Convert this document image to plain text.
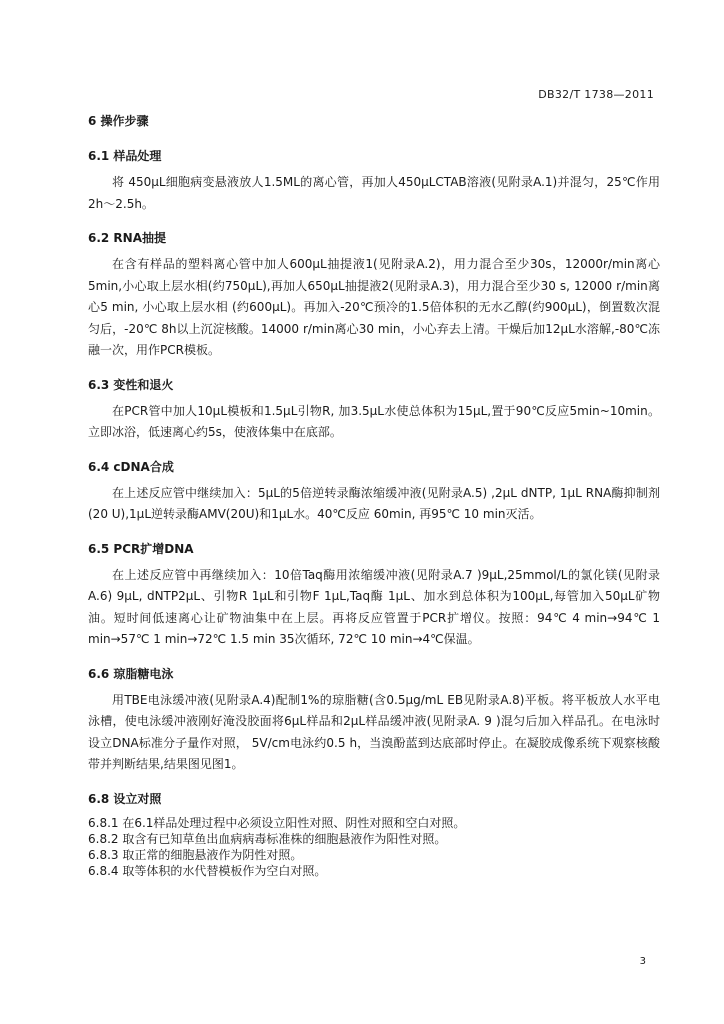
DB32/T 1738—2011
6 操作步骤
6.1 样品处理

将 450μL细胞病变悬液放人1.5ML的离心管，再加人450μLCTAB溶液(见附录A.1)并混匀，25℃作用2h～2.5h。

6.2 RNA抽提

在含有样品的塑料离心管中加人600μL抽提液1(见附录A.2)，用力混合至少30s，12000r/min离心5min,小心取上层水相(约750μL),再加人650μL抽提液2(见附录A.3)，用力混合至少30 s, 12000 r/min离心5 min, 小心取上层水相 (约600μL)。再加入-20℃预冷的1.5倍体积的无水乙醇(约900μL)，倒置数次混匀后，-20℃ 8h以上沉淀核酸。14000 r/min离心30 min，小心弃去上清。干燥后加12μL水溶解,-80℃冻融一次，用作PCR模板。

6.3 变性和退火

在PCR管中加人10μL模板和1.5μL引物R, 加3.5μL水使总体积为15μL,置于90℃反应5min~10min。立即冰浴，低速离心约5s，使液体集中在底部。

6.4 cDNA合成

在上述反应管中继续加入：5μL的5倍逆转录酶浓缩缓冲液(见附录A.5) ,2μL dNTP, 1μL RNA酶抑制剂(20 U),1μL逆转录酶AMV(20U)和1μL水。40℃反应 60min, 再95℃ 10 min灭活。

6.5 PCR扩增DNA

在上述反应管中再继续加入：10倍Taq酶用浓缩缓冲液(见附录A.7 )9μL,25mmol/L的氯化镁(见附录A.6) 9μL, dNTP2μL、引物R 1μL和引物F 1μL,Taq酶 1μL、加水到总体积为100μL,每管加入50μL矿物油。短时间低速离心让矿物油集中在上层。再将反应管置于PCR扩增仪。按照：94℃ 4 min→94℃ 1 min→57℃ 1 min→72℃ 1.5 min 35次循环, 72℃ 10 min→4℃保温。

6.6 琼脂糖电泳

用TBE电泳缓冲液(见附录A.4)配制1%的琼脂糖(含0.5μg/mL EB见附录A.8)平板。将平板放人水平电泳槽，使电泳缓冲液刚好淹没胶面将6μL样品和2μL样品缓冲液(见附录A. 9 )混匀后加入样品孔。在电泳时设立DNA标准分子量作对照， 5V/cm电泳约0.5 h，当溴酚蓝到达底部时停止。在凝胶成像系统下观察核酸带并判断结果,结果图见图1。

6.8 设立对照

6.8.1 在6.1样品处理过程中必须设立阳性对照、阴性对照和空白对照。

6.8.2 取含有已知草鱼出血病病毒标准株的细胞悬液作为阳性对照。

6.8.3 取正常的细胞悬液作为阴性对照。

6.8.4 取等体积的水代替模板作为空白对照。

3
